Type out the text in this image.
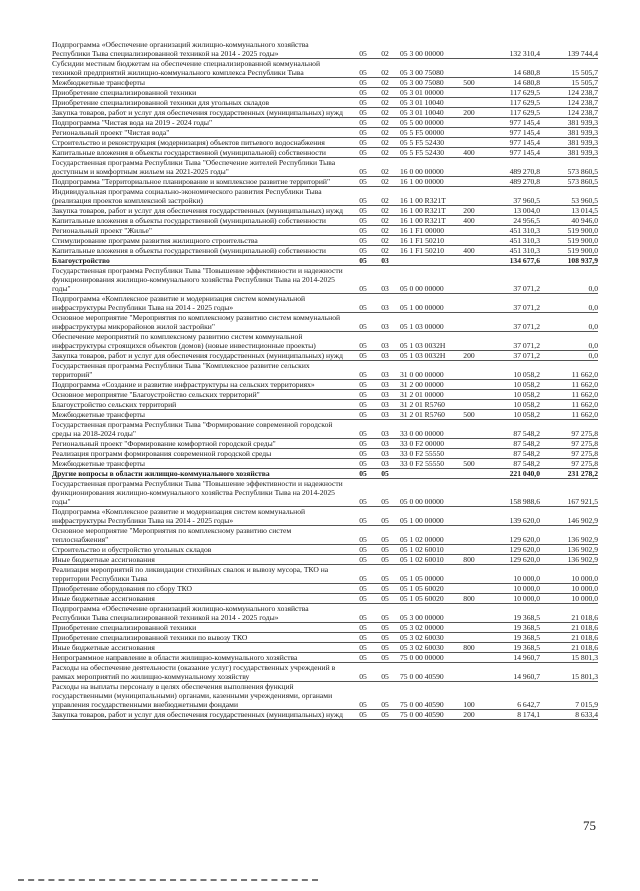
Подпрограмма «Обеспечение организаций жилищно-коммунального хозяйства Республики Тыва специализированной техникой на 2014 - 2025 годы»	05	02	05 3 00 00000	132 310,4	139 744,4
Субсидии местным бюджетам на обеспечение специализированной коммунальной техникой предприятий жилищно-коммунального комплекса Республики Тыва	05	02	05 3 00 75080	14 680,8	15 505,7
Межбюджетные трансферты	05	02	05 3 00 75080	500	14 680,8	15 505,7
Приобретение специализированной техники	05	02	05 3 01 00000	117 629,5	124 238,7
Приобретение специализированной техники для угольных складов	05	02	05 3 01 10040	117 629,5	124 238,7
Закупка товаров, работ и услуг для обеспечения государственных (муниципальных) нужд	05	02	05 3 01 10040	200	117 629,5	124 238,7
Подпрограмма "Чистая вода на 2019 - 2024 годы"	05	02	05 5 00 00000	977 145,4	381 939,3
Региональный проект "Чистая вода"	05	02	05 5 F5 00000	977 145,4	381 939,3
Строительство и реконструкция (модернизация) объектов питьевого водоснабжения	05	02	05 5 F5 52430	977 145,4	381 939,3
Капитальные вложения в объекты государственной (муниципальной) собственности	05	02	05 5 F5 52430	400	977 145,4	381 939,3
Государственная программа Республики Тыва "Обеспечение жителей Республики Тыва доступным и комфортным жильем на 2021-2025 годы"	05	02	16 0 00 00000	489 270,8	573 860,5
Подпрограмма "Территориальное планирование и комплексное развитие территорий"	05	02	16 1 00 00000	489 270,8	573 860,5
Индивидуальная программа социально-экономического развития Республики Тыва (реализация проектов комплексной застройки)	05	02	16 1 00 R321T	37 960,5	53 960,5
Закупка товаров, работ и услуг для обеспечения государственных (муниципальных) нужд	05	02	16 1 00 R321T	200	13 004,0	13 014,5
Капитальные вложения в объекты государственной (муниципальной) собственности	05	02	16 1 00 R321T	400	24 956,5	40 946,0
Региональный проект "Жилье"	05	02	16 1 F1 00000	451 310,3	519 900,0
Стимулирование программ развития жилищного строительства	05	02	16 1 F1 50210	451 310,3	519 900,0
Капитальные вложения в объекты государственной (муниципальной) собственности	05	02	16 1 F1 50210	400	451 310,3	519 900,0
Благоустройство	05	03	134 677,6	108 937,9
Государственная программа Республики Тыва "Повышение эффективности и надежности функционирования жилищно-коммунального хозяйства Республики Тыва на 2014-2025 годы"	05	03	05 0 00 00000	37 071,2	0,0
Подпрограмма «Комплексное развитие и модернизация систем коммунальной инфраструктуры Республики Тыва на 2014 - 2025 годы»	05	03	05 1 00 00000	37 071,2	0,0
Основное мероприятие "Мероприятия по комплексному развитию систем коммунальной инфраструктуры микрорайонов жилой застройки"	05	03	05 1 03 00000	37 071,2	0,0
Обеспечение мероприятий по комплексному развитию систем коммунальной инфраструктуры строящихся объектов (домов) (новые инвестиционные проекты)	05	03	05 1 03 0032H	37 071,2	0,0
Закупка товаров, работ и услуг для обеспечения государственных (муниципальных) нужд	05	03	05 1 03 0032H	200	37 071,2	0,0
Государственная программа Республики Тыва "Комплексное развитие сельских территорий"	05	03	31 0 00 00000	10 058,2	11 662,0
Подпрограмма «Создание и развитие инфраструктуры на сельских территориях»	05	03	31 2 00 00000	10 058,2	11 662,0
Основное мероприятие "Благоустройство сельских территорий"	05	03	31 2 01 00000	10 058,2	11 662,0
Благоустройство сельских территорий	05	03	31 2 01 R5760	10 058,2	11 662,0
Межбюджетные трансферты	05	03	31 2 01 R5760	500	10 058,2	11 662,0
Государственная программа Республики Тыва "Формирование современной городской среды на 2018-2024 годы"	05	03	33 0 00 00000	87 548,2	97 275,8
Региональный проект "Формирование комфортной городской среды"	05	03	33 0 F2 00000	87 548,2	97 275,8
Реализация программ формирования современной городской среды	05	03	33 0 F2 55550	87 548,2	97 275,8
Межбюджетные трансферты	05	03	33 0 F2 55550	500	87 548,2	97 275,8
Другие вопросы в области жилищно-коммунального хозяйства	05	05	221 040,0	231 278,2
Государственная программа Республики Тыва "Повышение эффективности и надежности функционирования жилищно-коммунального хозяйства Республики Тыва на 2014-2025 годы"	05	05	05 0 00 00000	158 988,6	167 921,5
Подпрограмма «Комплексное развитие и модернизация систем коммунальной инфраструктуры Республики Тыва на 2014 - 2025 годы»	05	05	05 1 00 00000	139 620,0	146 902,9
Основное мероприятие "Мероприятия по комплексному развитию систем теплоснабжения"	05	05	05 1 02 00000	129 620,0	136 902,9
Строительство и обустройство угольных складов	05	05	05 1 02 60010	129 620,0	136 902,9
Иные бюджетные ассигнования	05	05	05 1 02 60010	800	129 620,0	136 902,9
Реализация мероприятий по ликвидации стихийных свалок и вывозу мусора, ТКО на территории Республики Тыва	05	05	05 1 05 00000	10 000,0	10 000,0
Приобретение оборудования по сбору ТКО	05	05	05 1 05 60020	10 000,0	10 000,0
Иные бюджетные ассигнования	05	05	05 1 05 60020	800	10 000,0	10 000,0
Подпрограмма «Обеспечение организаций жилищно-коммунального хозяйства Республики Тыва специализированной техникой на 2014 - 2025 годы»	05	05	05 3 00 00000	19 368,5	21 018,6
Приобретение специализированной техники	05	05	05 3 02 00000	19 368,5	21 018,6
Приобретение специализированной техники по вывозу ТКО	05	05	05 3 02 60030	19 368,5	21 018,6
Иные бюджетные ассигнования	05	05	05 3 02 60030	800	19 368,5	21 018,6
Непрограммное направление в области жилищно-коммунального хозяйства	05	05	75 0 00 00000	14 960,7	15 801,3
Расходы на обеспечение деятельности (оказание услуг) государственных учреждений в рамках мероприятий по жилищно-коммунальному хозяйству	05	05	75 0 00 40590	14 960,7	15 801,3
Расходы на выплаты персоналу в целях обеспечения выполнения функций государственными (муниципальными) органами, казенными учреждениями, органами управления государственными внебюджетными фондами	05	05	75 0 00 40590	100	6 642,7	7 015,9
Закупка товаров, работ и услуг для обеспечения государственных (муниципальных) нужд	05	05	75 0 00 40590	200	8 174,1	8 633,4
75
